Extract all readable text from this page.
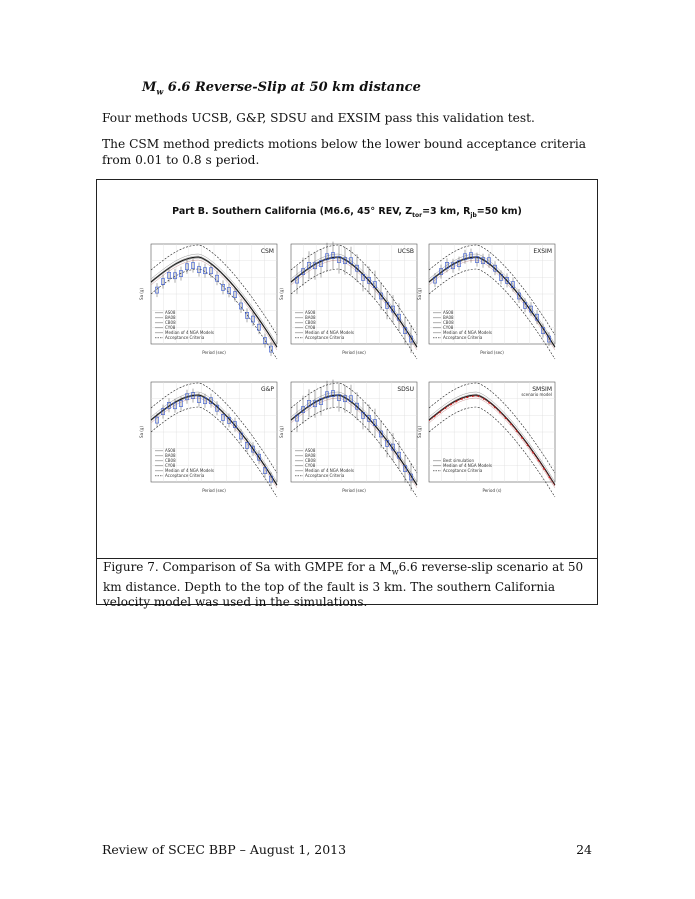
$M_w$ 6.6 Reverse-Slip at 50 km distance
Four methods UCSB, G&P, SDSU and EXSIM pass this validation test.
The CSM method predicts motions below the lower bound acceptance criteria from 0.01 to 0.8 s period.
Part B. Southern California (M6.6, 45° REV, $Z_{tor}=3$ km, $R_{jb}=50$ km)
CSM
AS08
BA08
CB08
CY08
Median of 4 NGA Models
Acceptance Criteria
Period (sec)
Sa (g)
UCSB
AS08
BA08
CB08
CY08
Median of 4 NGA Models
Acceptance Criteria
Period (sec)
Sa (g)
EXSIM
AS08
BA08
CB08
CY08
Median of 4 NGA Models
Acceptance Criteria
Period (sec)
Sa (g)
G&P
AS08
BA08
CB08
CY08
Median of 4 NGA Models
Acceptance Criteria
Period (sec)
Sa (g)
SDSU
AS08
BA08
CB08
CY08
Median of 4 NGA Models
Acceptance Criteria
Period (sec)
Sa (g)
SMSIM
scenario model
Best simulation
Median of 4 NGA Models
Acceptance Criteria
Period (s)
Sa (g)
Figure 7. Comparison of Sa with GMPE for a $M_w6.6$ reverse-slip scenario at 50 km distance. Depth to the top of the fault is 3 km. The southern California velocity model was used in the simulations.
Review of SCEC BBP – August 1, 2013	24
